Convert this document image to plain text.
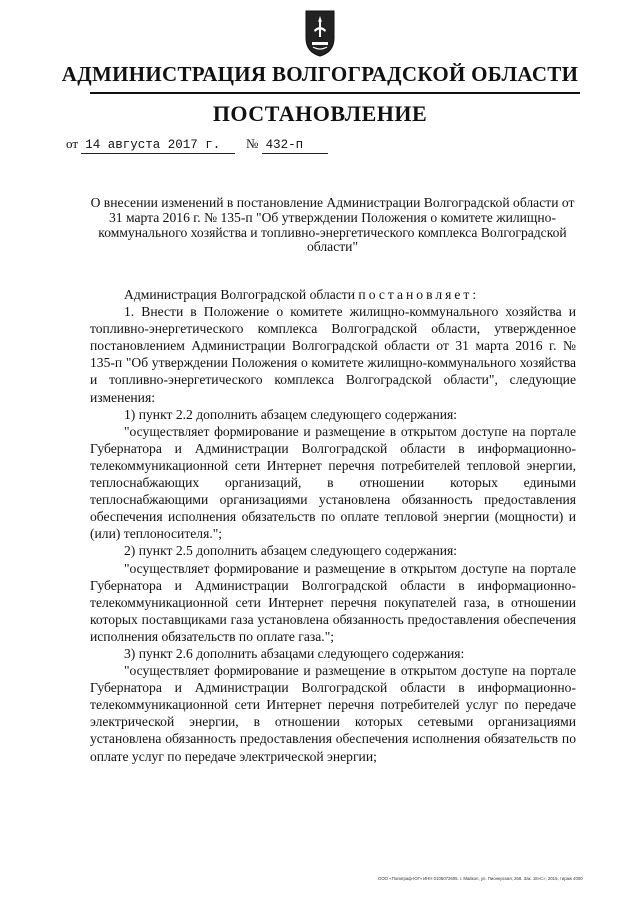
АДМИНИСТРАЦИЯ ВОЛГОГРАДСКОЙ ОБЛАСТИ
ПОСТАНОВЛЕНИЕ
от 14 августа 2017 г.	№ 432-п
О внесении изменений в постановление Администрации Волгоградской области от 31 марта 2016 г. № 135-п "Об утверждении Положения о комитете жилищно-коммунального хозяйства и топливно-энергетического комплекса Волгоградской области"

Администрация Волгоградской области постановляет:

1. Внести в Положение о комитете жилищно-коммунального хозяйства и топливно-энергетического комплекса Волгоградской области, утвержденное постановлением Администрации Волгоградской области от 31 марта 2016 г. № 135-п "Об утверждении Положения о комитете жилищно-коммунального хозяйства и топливно-энергетического комплекса Волгоградской области", следующие изменения:

1) пункт 2.2 дополнить абзацем следующего содержания:

"осуществляет формирование и размещение в открытом доступе на портале Губернатора и Администрации Волгоградской области в информационно-телекоммуникационной сети Интернет перечня потребителей тепловой энергии, теплоснабжающих организаций, в отношении которых едиными теплоснабжающими организациями установлена обязанность предоставления обеспечения исполнения обязательств по оплате тепловой энергии (мощности) и (или) теплоносителя.";

2) пункт 2.5 дополнить абзацем следующего содержания:

"осуществляет формирование и размещение в открытом доступе на портале Губернатора и Администрации Волгоградской области в информационно-телекоммуникационной сети Интернет перечня покупателей газа, в отношении которых поставщиками газа установлена обязанность предоставления обеспечения исполнения обязательств по оплате газа.";

3) пункт 2.6 дополнить абзацами следующего содержания:

"осуществляет формирование и размещение в открытом доступе на портале Губернатора и Администрации Волгоградской области в информационно-телекоммуникационной сети Интернет перечня потребителей услуг по передаче электрической энергии, в отношении которых сетевыми организациями установлена обязанность предоставления обеспечения исполнения обязательств по оплате услуг по передаче электрической энергии;

ООО «Полиграф-ЮГ» ИНН 0105072605. г. Майкоп, ул. Пионерская, 268. Зак. 18»С», 2015, тираж 4000
